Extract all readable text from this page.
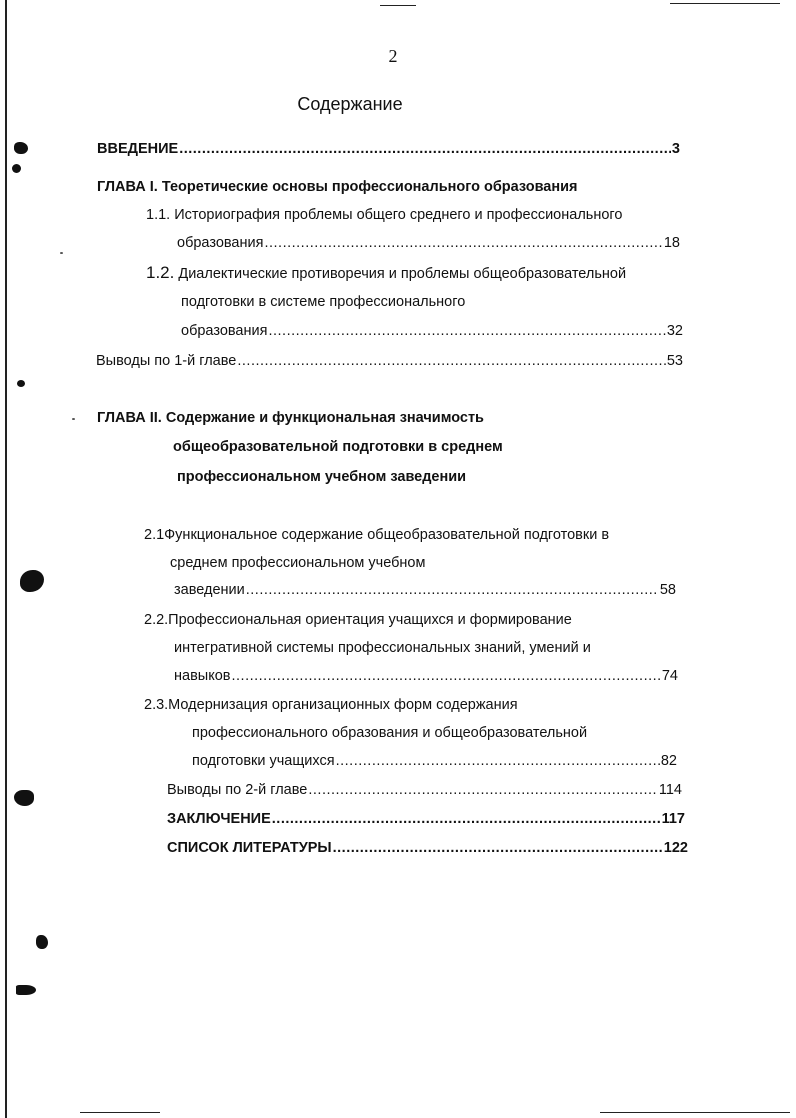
2
Содержание
ВВЕДЕНИЕ .....	3
ГЛАВА I. Теоретические основы профессионального образования
1.1. Историография проблемы общего среднего и профессионального
образования .....	18
1.2. Диалектические противоречия и проблемы общеобразовательной
подготовки в системе профессионального
образования .....	32
Выводы по 1-й главе .....	53
ГЛАВА II. Содержание и функциональная значимость
общеобразовательной подготовки в среднем
профессиональном учебном заведении
2.1Функциональное содержание общеобразовательной подготовки в
среднем профессиональном учебном
заведении .....	58
2.2.Профессиональная ориентация учащихся и формирование
интегративной системы профессиональных знаний, умений и
навыков .....	74
2.3.Модернизация организационных форм содержания
профессионального образования и общеобразовательной
подготовки учащихся .....	82
Выводы по 2-й главе .....	114
ЗАКЛЮЧЕНИЕ .....	117
СПИСОК ЛИТЕРАТУРЫ .....	122
